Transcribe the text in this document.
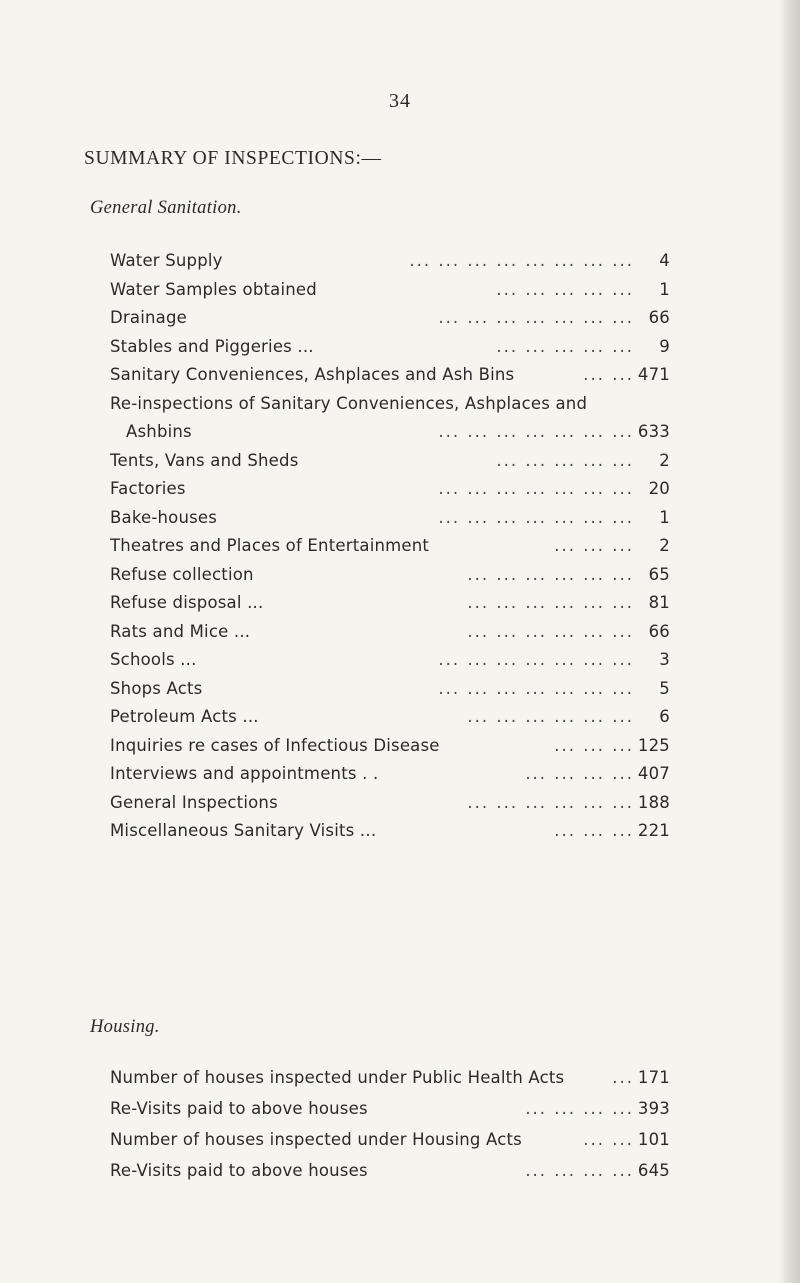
34
SUMMARY OF INSPECTIONS:—
General Sanitation.
Water Supply	... ... ... ... ... ... ... ...	4
Water Samples obtained	... ... ... ... ...	1
Drainage	... ... ... ... ... ... ... 66
Stables and Piggeries ...	... ... ... ... ...	9
Sanitary Conveniences, Ashplaces and Ash Bins	... ... 471
Re-inspections of Sanitary Conveniences, Ashplaces and
Ashbins	... ... ... ... ... ... ... 633
Tents, Vans and Sheds	... ... ... ... ...	2
Factories	... ... ... ... ... ... ... 20
Bake-houses	... ... ... ... ... ... ...	1
Theatres and Places of Entertainment	... ... ...	2
Refuse collection	... ... ... ... ... ... 65
Refuse disposal ...	... ... ... ... ... ... 81
Rats and Mice ...	... ... ... ... ... ... 66
Schools ...	... ... ... ... ... ... ...	3
Shops Acts	... ... ... ... ... ... ...	5
Petroleum Acts ...	... ... ... ... ... ...	6
Inquiries re cases of Infectious Disease	... ... ... 125
Interviews and appointments . .	... ... ... ... 407
General Inspections	... ... ... ... ... ... 188
Miscellaneous Sanitary Visits ...	... ... ... 221
Housing.
Number of houses inspected under Public Health Acts	... 171
Re-Visits paid to above houses	... ... ... ... 393
Number of houses inspected under Housing Acts	... ... 101
Re-Visits paid to above houses	... ... ... ... 645
